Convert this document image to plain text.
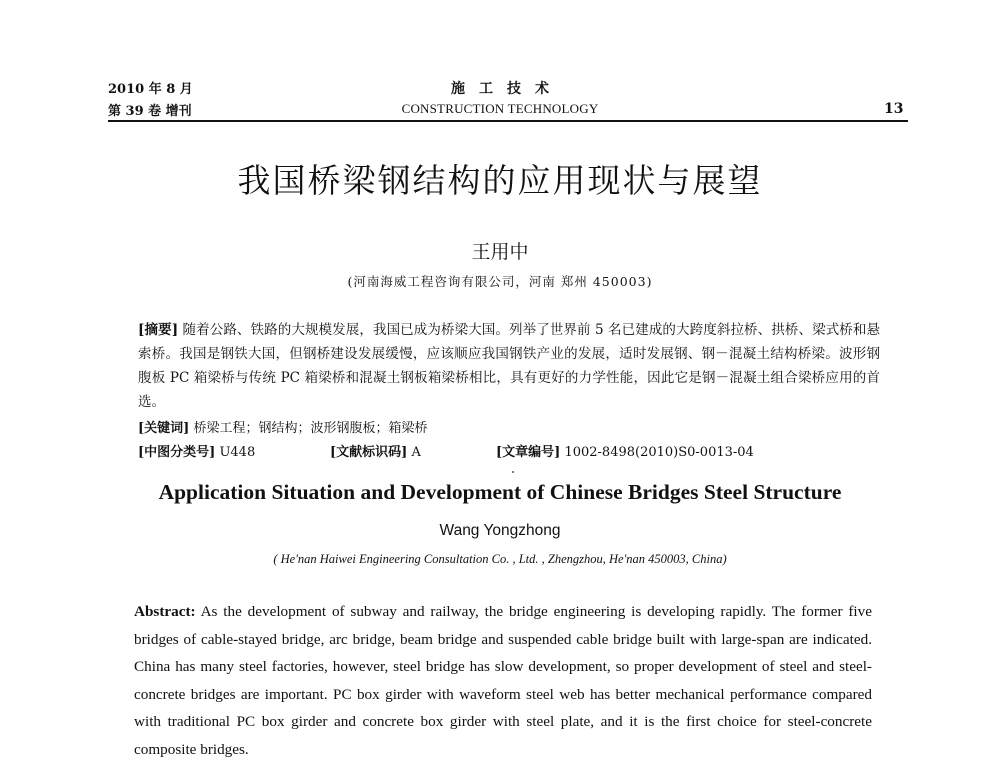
2010 年 8 月
第 39 卷 增刊
施工技术
CONSTRUCTION TECHNOLOGY	13
我国桥梁钢结构的应用现状与展望
王用中
(河南海威工程咨询有限公司，河南 郑州 450003)
[摘要] 随着公路、铁路的大规模发展，我国已成为桥梁大国。列举了世界前 5 名已建成的大跨度斜拉桥、拱桥、梁式桥和悬索桥。我国是钢铁大国，但钢桥建设发展缓慢，应该顺应我国钢铁产业的发展，适时发展钢、钢－混凝土结构桥梁。波形钢腹板 PC 箱梁桥与传统 PC 箱梁桥和混凝土钢板箱梁桥相比，具有更好的力学性能，因此它是钢－混凝土组合梁桥应用的首选。
[关键词] 桥梁工程；钢结构；波形钢腹板；箱梁桥
[中图分类号] U448	[文献标识码] A	[文章编号] 1002-8498(2010)S0-0013-04
Application Situation and Development of Chinese Bridges Steel Structure
Wang Yongzhong
( He'nan Haiwei Engineering Consultation Co. , Ltd. , Zhengzhou, He'nan 450003, China)
Abstract: As the development of subway and railway, the bridge engineering is developing rapidly. The former five bridges of cable-stayed bridge, arc bridge, beam bridge and suspended cable bridge built with large-span are indicated. China has many steel factories, however, steel bridge has slow development, so proper development of steel and steel-concrete bridges are important. PC box girder with waveform steel web has better mechanical performance compared with traditional PC box girder and concrete box girder with steel plate, and it is the first choice for steel-concrete composite bridges.
